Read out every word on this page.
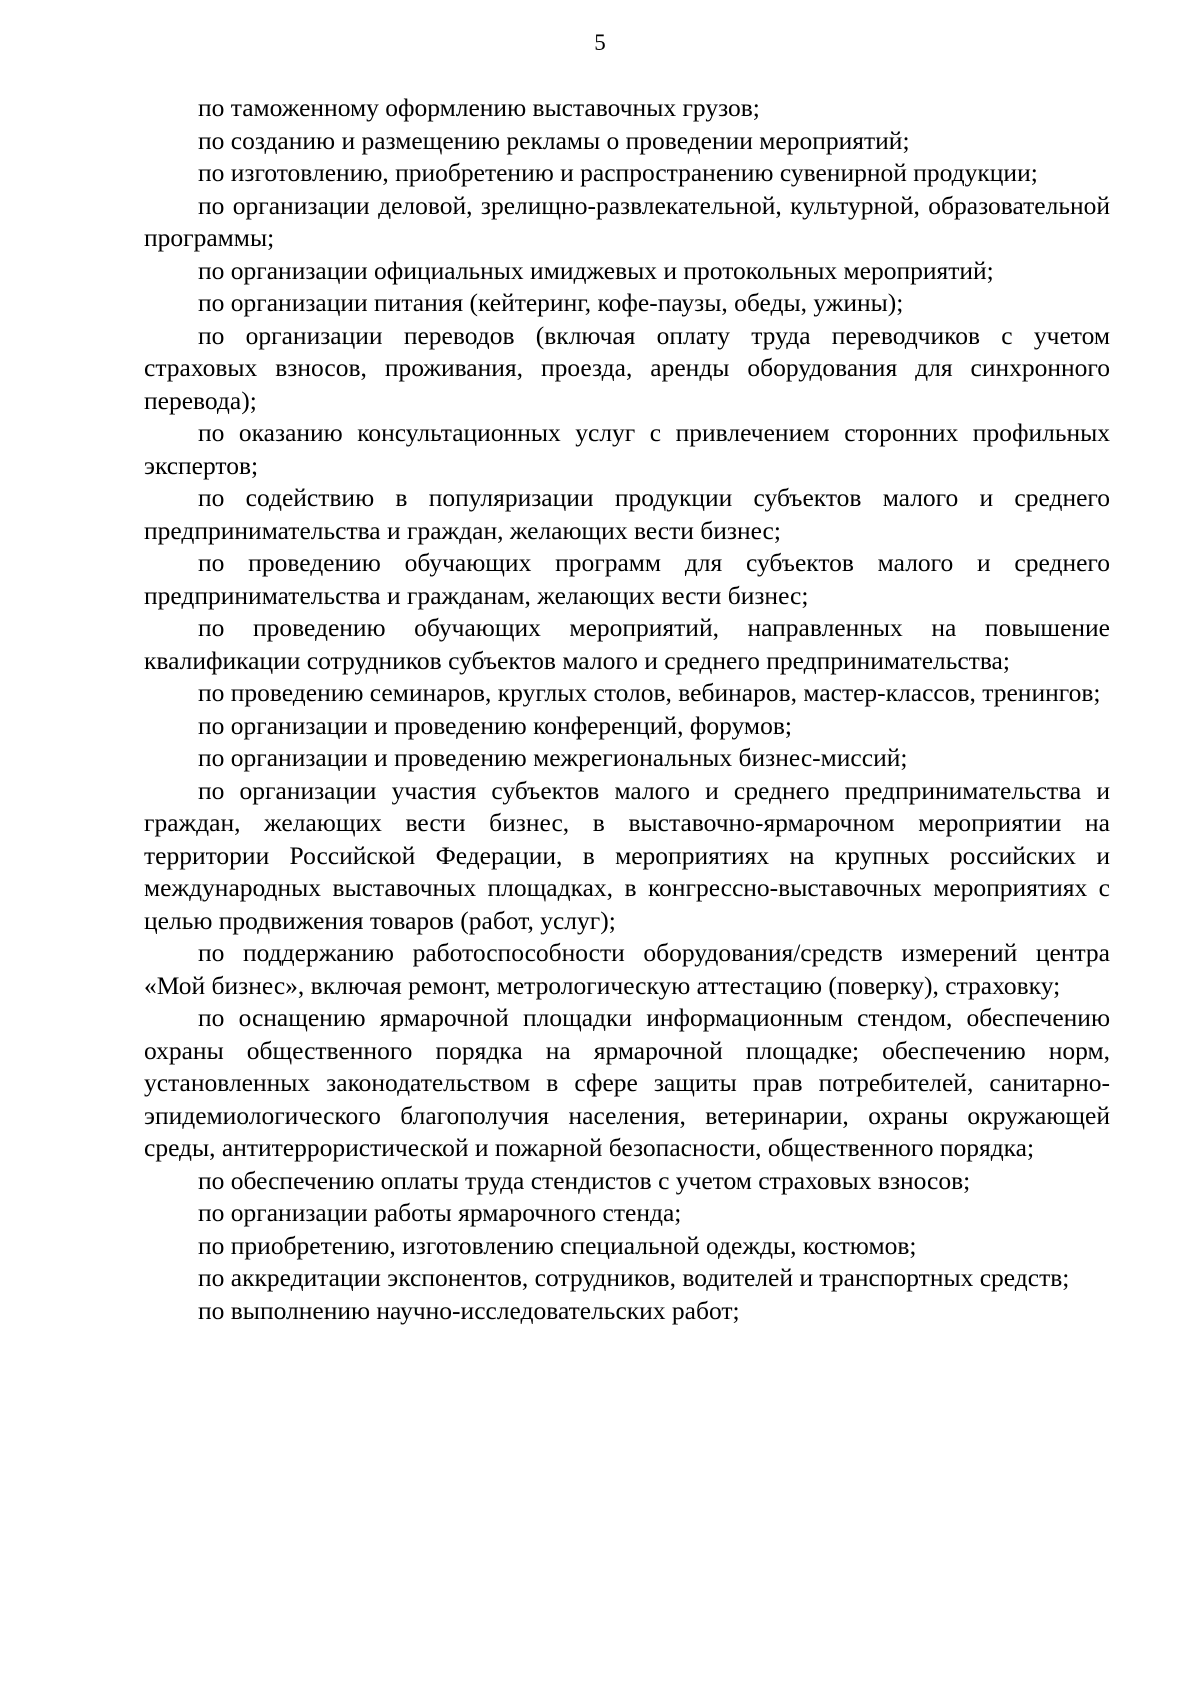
5

по таможенному оформлению выставочных грузов;

по созданию и размещению рекламы о проведении мероприятий;

по изготовлению, приобретению и распространению сувенирной продукции;

по организации деловой, зрелищно-развлекательной, культурной, образовательной программы;

по организации официальных имиджевых и протокольных мероприятий;

по организации питания (кейтеринг, кофе-паузы, обеды, ужины);

по организации переводов (включая оплату труда переводчиков с учетом страховых взносов, проживания, проезда, аренды оборудования для синхронного перевода);

по оказанию консультационных услуг с привлечением сторонних профильных экспертов;

по содействию в популяризации продукции субъектов малого и среднего предпринимательства и граждан, желающих вести бизнес;

по проведению обучающих программ для субъектов малого и среднего предпринимательства и гражданам, желающих вести бизнес;

по проведению обучающих мероприятий, направленных на повышение квалификации сотрудников субъектов малого и среднего предпринимательства;

по проведению семинаров, круглых столов, вебинаров, мастер-классов, тренингов;

по организации и проведению конференций, форумов;

по организации и проведению межрегиональных бизнес-миссий;

по организации участия субъектов малого и среднего предпринимательства и граждан, желающих вести бизнес, в выставочно-ярмарочном мероприятии на территории Российской Федерации, в мероприятиях на крупных российских и международных выставочных площадках, в конгрессно-выставочных мероприятиях с целью продвижения товаров (работ, услуг);

по поддержанию работоспособности оборудования/средств измерений центра «Мой бизнес», включая ремонт, метрологическую аттестацию (поверку), страховку;

по оснащению ярмарочной площадки информационным стендом, обеспечению охраны общественного порядка на ярмарочной площадке; обеспечению норм, установленных законодательством в сфере защиты прав потребителей, санитарно-эпидемиологического благополучия населения, ветеринарии, охраны окружающей среды, антитеррористической и пожарной безопасности, общественного порядка;

по обеспечению оплаты труда стендистов с учетом страховых взносов;

по организации работы ярмарочного стенда;

по приобретению, изготовлению специальной одежды, костюмов;

по аккредитации экспонентов, сотрудников, водителей и транспортных средств;

по выполнению научно-исследовательских работ;
